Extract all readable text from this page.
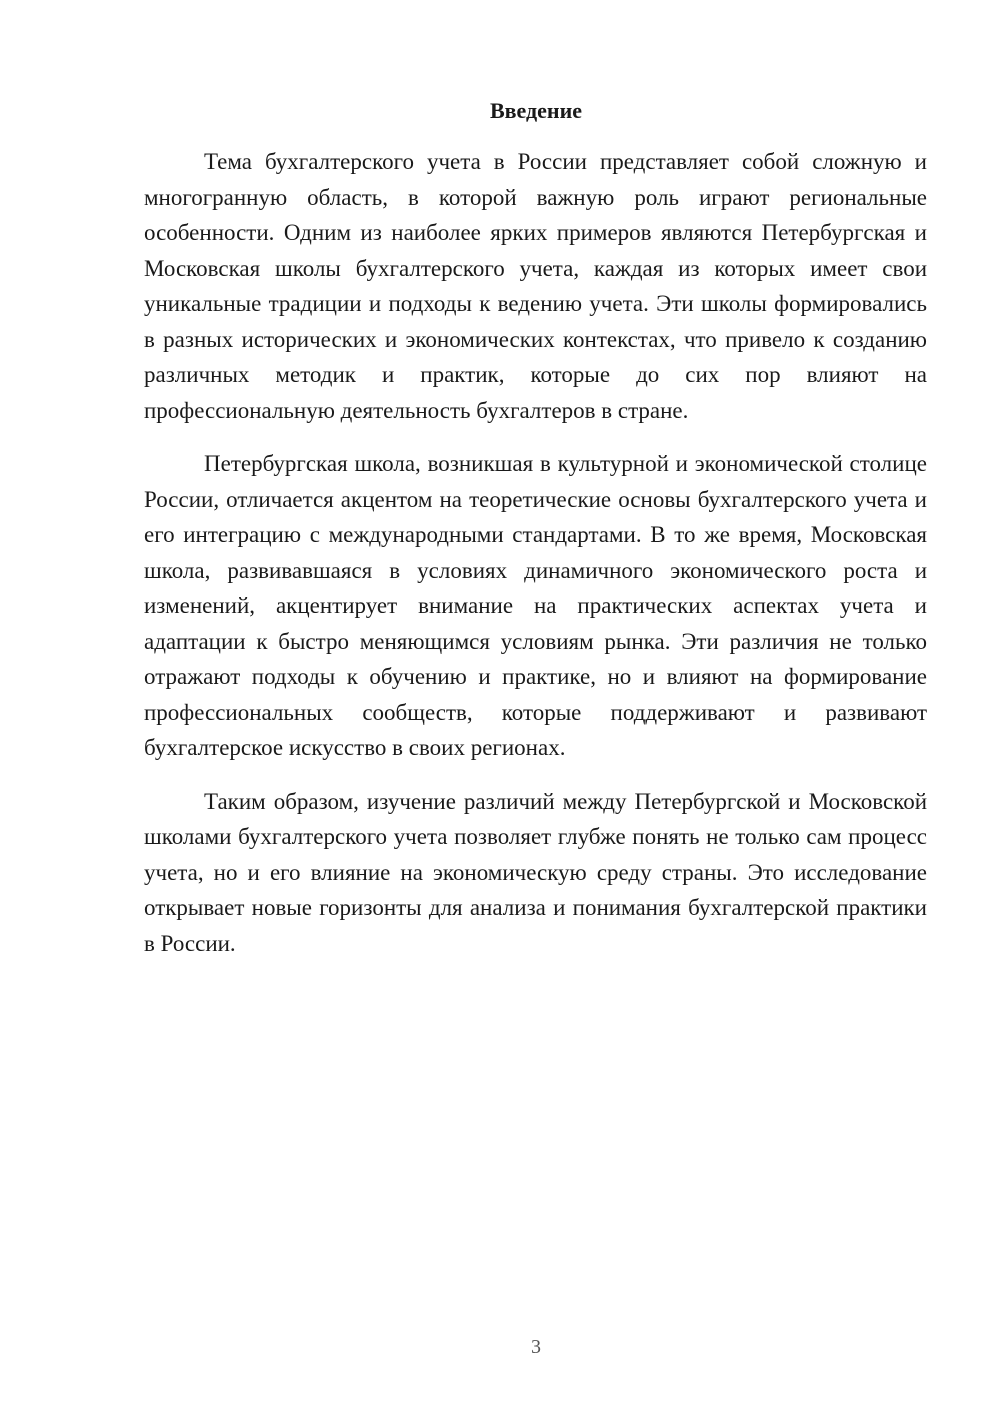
Введение

Тема бухгалтерского учета в России представляет собой сложную и многогранную область, в которой важную роль играют региональные особенности. Одним из наиболее ярких примеров являются Петербургская и Московская школы бухгалтерского учета, каждая из которых имеет свои уникальные традиции и подходы к ведению учета. Эти школы формировались в разных исторических и экономических контекстах, что привело к созданию различных методик и практик, которые до сих пор влияют на профессиональную деятельность бухгалтеров в стране.

Петербургская школа, возникшая в культурной и экономической столице России, отличается акцентом на теоретические основы бухгалтерского учета и его интеграцию с международными стандартами. В то же время, Московская школа, развивавшаяся в условиях динамичного экономического роста и изменений, акцентирует внимание на практических аспектах учета и адаптации к быстро меняющимся условиям рынка. Эти различия не только отражают подходы к обучению и практике, но и влияют на формирование профессиональных сообществ, которые поддерживают и развивают бухгалтерское искусство в своих регионах.

Таким образом, изучение различий между Петербургской и Московской школами бухгалтерского учета позволяет глубже понять не только сам процесс учета, но и его влияние на экономическую среду страны. Это исследование открывает новые горизонты для анализа и понимания бухгалтерской практики в России.

3
